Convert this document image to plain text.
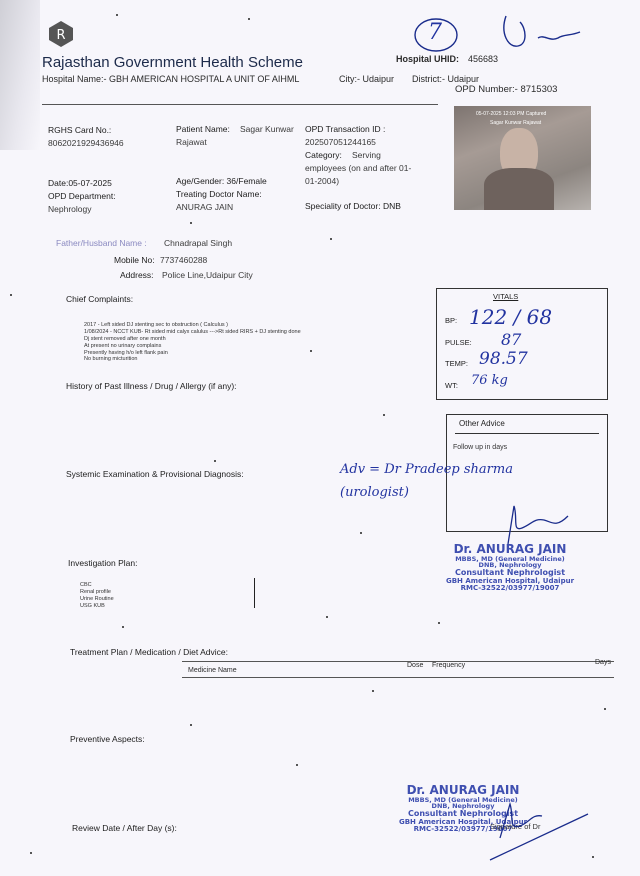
R	7
Rajasthan Government Health Scheme	Hospital UHID: 456683
Hospital Name:- GBH AMERICAN HOSPITAL A UNIT OF AIHML	City:- Udaipur District:- Udaipur
OPD Number:- 8715303
RGHS Card No.:
8062021929436946
Patient Name: Sagar Kunwar
Rajawat
OPD Transaction ID :
202507051244165
Category: Serving
employees (on and after 01-
01-2004)
Date:05-07-2025	Age/Gender: 36/Female
Treating Doctor Name:
ANURAG JAIN
OPD Department:
Nephrology	Speciality of Doctor: DNB
05-07-2025 12:03 PM Captured
Sagar Kunwar Rajawat
Father/Husband Name : Chnadrapal Singh
Mobile No: 7737460288
Address: Police Line,Udaipur City
Chief Complaints:
2017 - Left sided DJ stenting sec to obstruction ( Calculus )
1/08/2024 - NCCT KUB- Rt sided mid calyx calulus --->Rt sided RIRS + DJ stenting done
Dj stent removed after one month
At present no urinary complains
Presently having h/o left flank pain
No burning micturition
VITALS
BP: 122 / 68
PULSE: 87
TEMP: 98.57
WT: 76 kg
History of Past Illness / Drug / Allergy (if any):
Other Advice
Follow up in days
Systemic Examination & Provisional Diagnosis:	Adv = Dr Pradeep sharma (urologist)
Dr. ANURAG JAIN
MBBS, MD (General Medicine)
DNB, Nephrology
Consultant Nephrologist
GBH American Hospital, Udaipur
RMC-32522/03977/19007
Investigation Plan:
CBC
Renal profile
Urine Routine
USG KUB
Treatment Plan / Medication / Diet Advice:
Medicine Name
Dose Frequency	Days
Preventive Aspects:
Dr. ANURAG JAIN
MBBS, MD (General Medicine)
DNB, Nephrology
Consultant Nephrologist
GBH American Hospital, Udaipur
RMC-32522/03977/19007
Signature of Dr
Review Date / After Day (s):
